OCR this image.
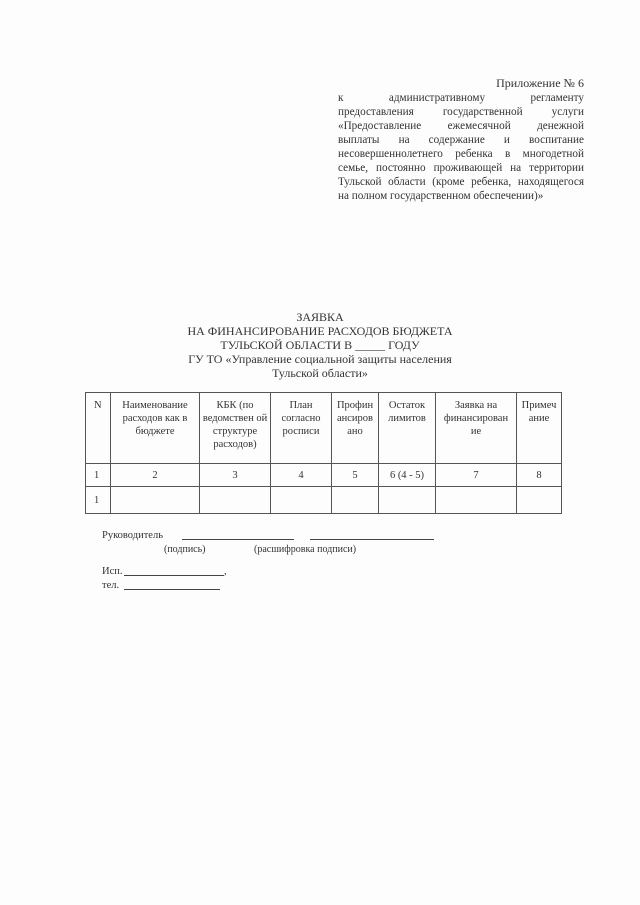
Приложение № 6
к административному регламенту
предоставления государственной услуги
«Предоставление ежемесячной денежной
выплаты на содержание и воспитание
несовершеннолетнего ребенка в многодетной
семье, постоянно проживающей на территории
Тульской области (кроме ребенка, находящегося
на полном государственном обеспечении)»
ЗАЯВКА
НА ФИНАНСИРОВАНИЕ РАСХОДОВ БЮДЖЕТА
ТУЛЬСКОЙ ОБЛАСТИ В _____ ГОДУ
ГУ ТО «Управление социальной защиты населения
Тульской области»
N	Наименование расходов как в бюджете	КБК (по ведомствен ой структуре расходов)	План согласно росписи	Профин ансиров ано	Остаток лимитов	Заявка на финансирован ие	Примеч ание
1	2	3	4	5	6 (4 - 5)	7	8
1							
Руководитель
(подпись)	(расшифровка подписи)
Исп.	,
тел.
